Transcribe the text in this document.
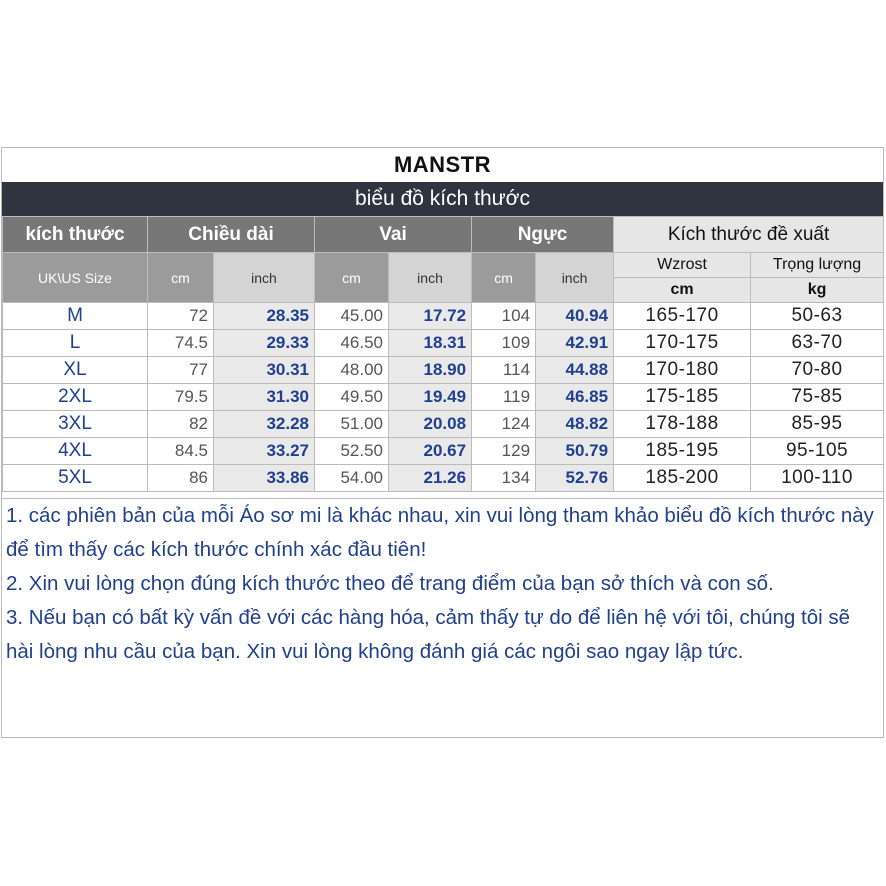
MANSTR
biểu đồ kích thước
kích thước	Chiều dài		Vai		Ngực		Kích thước đề xuất	
UK\US Size	cm	inch	cm	inch	cm	inch	Wzrost	Trọng lượng
							cm	kg
M	72	28.35	45.00	17.72	104	40.94	165-170	50-63
L	74.5	29.33	46.50	18.31	109	42.91	170-175	63-70
XL	77	30.31	48.00	18.90	114	44.88	170-180	70-80
2XL	79.5	31.30	49.50	19.49	119	46.85	175-185	75-85
3XL	82	32.28	51.00	20.08	124	48.82	178-188	85-95
4XL	84.5	33.27	52.50	20.67	129	50.79	185-195	95-105
5XL	86	33.86	54.00	21.26	134	52.76	185-200	100-110

1. các phiên bản của mỗi Áo sơ mi là khác nhau, xin vui lòng tham khảo biểu đồ kích thước này để tìm thấy các kích thước chính xác đầu tiên!

2. Xin vui lòng chọn đúng kích thước theo để trang điểm của bạn sở thích và con số.

3. Nếu bạn có bất kỳ vấn đề với các hàng hóa, cảm thấy tự do để liên hệ với tôi, chúng tôi sẽ hài lòng nhu cầu của bạn. Xin vui lòng không đánh giá các ngôi sao ngay lập tức.
